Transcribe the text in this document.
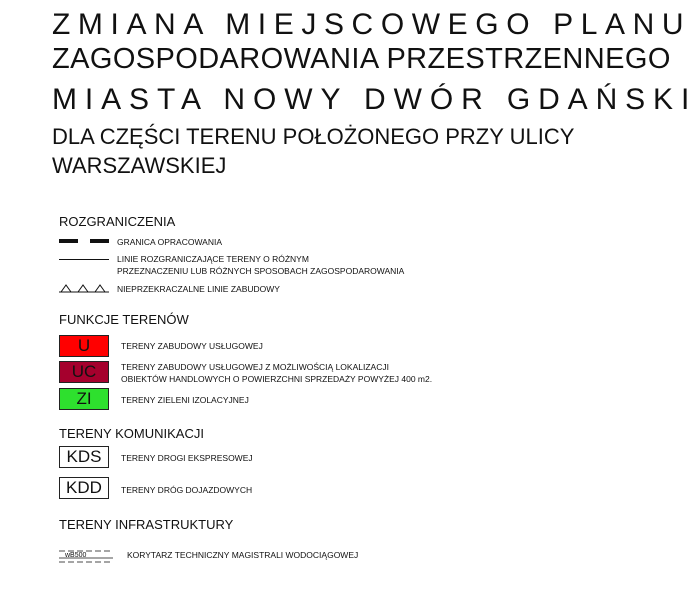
ZMIANA MIEJSCOWEGO PLANU
ZAGOSPODAROWANIA PRZESTRZENNEGO
MIASTA NOWY DWÓR GDAŃSKI
DLA CZĘŚCI TERENU POŁOŻONEGO PRZY ULICY
WARSZAWSKIEJ
ROZGRANICZENIA
GRANICA OPRACOWANIA
LINIE ROZGRANICZAJĄCE TERENY O RÓŻNYM
PRZEZNACZENIU LUB RÓŻNYCH SPOSOBACH ZAGOSPODAROWANIA
NIEPRZEKRACZALNE LINIE ZABUDOWY
FUNKCJE TERENÓW
U	TERENY ZABUDOWY USŁUGOWEJ
UC	TERENY ZABUDOWY USŁUGOWEJ Z MOŻLIWOŚCIĄ LOKALIZACJI
OBIEKTÓW HANDLOWYCH O POWIERZCHNI SPRZEDAŻY POWYŻEJ 400 m2.
ZI	TERENY ZIELENI IZOLACYJNEJ
TERENY KOMUNIKACJI
KDS	TERENY DROGI EKSPRESOWEJ
KDD	TERENY DRÓG DOJAZDOWYCH
TERENY INFRASTRUKTURY
wB500	KORYTARZ TECHNICZNY MAGISTRALI WODOCIĄGOWEJ
